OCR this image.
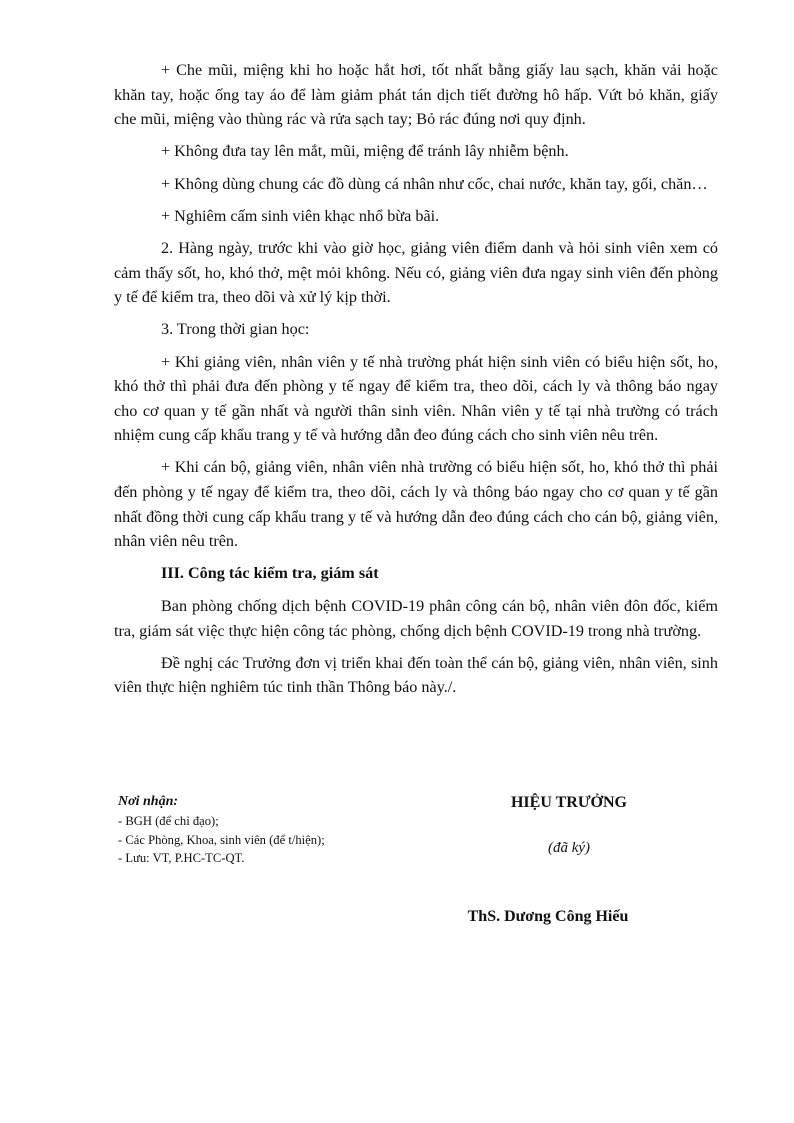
+ Che mũi, miệng khi ho hoặc hắt hơi, tốt nhất bằng giấy lau sạch, khăn vải hoặc khăn tay, hoặc ống tay áo để làm giảm phát tán dịch tiết đường hô hấp. Vứt bỏ khăn, giấy che mũi, miệng vào thùng rác và rửa sạch tay; Bỏ rác đúng nơi quy định.

+ Không đưa tay lên mắt, mũi, miệng để tránh lây nhiễm bệnh.

+ Không dùng chung các đồ dùng cá nhân như cốc, chai nước, khăn tay, gối, chăn…

+ Nghiêm cấm sinh viên khạc nhổ bừa bãi.

2. Hàng ngày, trước khi vào giờ học, giảng viên điểm danh và hỏi sinh viên xem có cảm thấy sốt, ho, khó thở, mệt mỏi không. Nếu có, giảng viên đưa ngay sinh viên đến phòng y tế để kiểm tra, theo dõi và xử lý kịp thời.

3. Trong thời gian học:

+ Khi giảng viên, nhân viên y tế nhà trường phát hiện sinh viên có biểu hiện sốt, ho, khó thở thì phải đưa đến phòng y tế ngay để kiểm tra, theo dõi, cách ly và thông báo ngay cho cơ quan y tế gần nhất và người thân sinh viên. Nhân viên y tế tại nhà trường có trách nhiệm cung cấp khẩu trang y tế và hướng dẫn đeo đúng cách cho sinh viên nêu trên.

+ Khi cán bộ, giảng viên, nhân viên nhà trường có biểu hiện sốt, ho, khó thở thì phải đến phòng y tế ngay để kiểm tra, theo dõi, cách ly và thông báo ngay cho cơ quan y tế gần nhất đồng thời cung cấp khẩu trang y tế và hướng dẫn đeo đúng cách cho cán bộ, giảng viên, nhân viên nêu trên.

III. Công tác kiểm tra, giám sát

Ban phòng chống dịch bệnh COVID-19 phân công cán bộ, nhân viên đôn đốc, kiểm tra, giám sát việc thực hiện công tác phòng, chống dịch bệnh COVID-19 trong nhà trường.

Đề nghị các Trưởng đơn vị triển khai đến toàn thể cán bộ, giảng viên, nhân viên, sinh viên thực hiện nghiêm túc tinh thần Thông báo này./.

Nơi nhận:
- BGH (để chỉ đạo);
- Các Phòng, Khoa, sinh viên (để t/hiện);
- Lưu: VT, P.HC-TC-QT.
HIỆU TRƯỞNG
(đã ký)
ThS. Dương Công Hiếu
